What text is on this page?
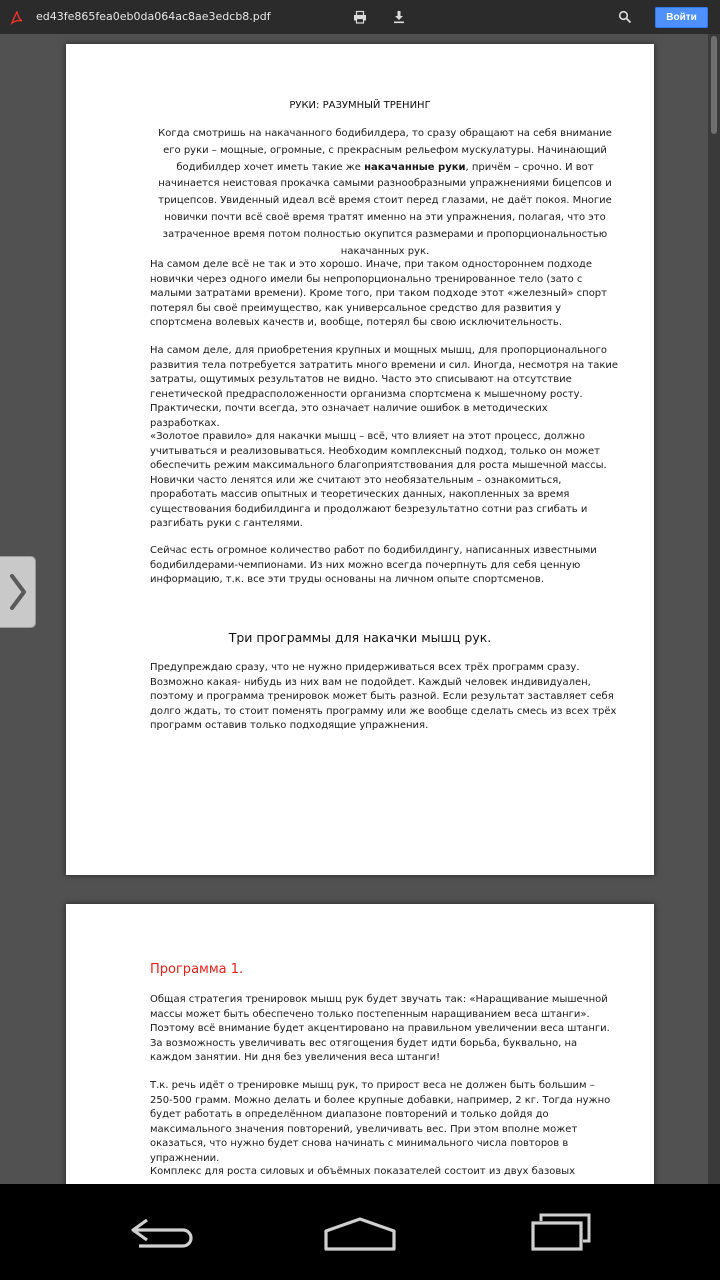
ed43fe865fea0eb0da064ac8ae3edcb8.pdf	Войти
РУКИ: РАЗУМНЫЙ ТРЕНИНГ
Когда смотришь на накачанного бодибилдера, то сразу обращают на себя внимание его руки – мощные, огромные, с прекрасным рельефом мускулатуры. Начинающий бодибилдер хочет иметь такие же накачанные руки, причём – срочно. И вот начинается неистовая прокачка самыми разнообразными упражнениями бицепсов и трицепсов. Увиденный идеал всё время стоит перед глазами, не даёт покоя. Многие новички почти всё своё время тратят именно на эти упражнения, полагая, что это затраченное время потом полностью окупится размерами и пропорциональностью накачанных рук.
На самом деле всё не так и это хорошо. Иначе, при таком одностороннем подходе новички через одного имели бы непропорционально тренированное тело (зато с малыми затратами времени). Кроме того, при таком подходе этот «железный» спорт потерял бы своё преимущество, как универсальное средство для развития у спортсмена волевых качеств и, вообще, потерял бы свою исключительность.
На самом деле, для приобретения крупных и мощных мышц, для пропорционального развития тела потребуется затратить много времени и сил. Иногда, несмотря на такие затраты, ощутимых результатов не видно. Часто это списывают на отсутствие генетической предрасположенности организма спортсмена к мышечному росту. Практически, почти всегда, это означает наличие ошибок в методических разработках.
«Золотое правило» для накачки мышц – всё, что влияет на этот процесс, должно учитываться и реализовываться. Необходим комплексный подход, только он может обеспечить режим максимального благоприятствования для роста мышечной массы. Новички часто ленятся или же считают это необязательным – ознакомиться, проработать массив опытных и теоретических данных, накопленных за время существования бодибилдинга и продолжают безрезультатно сотни раз сгибать и разгибать руки с гантелями.
Сейчас есть огромное количество работ по бодибилдингу, написанных известными бодибилдерами-чемпионами. Из них можно всегда почерпнуть для себя ценную информацию, т.к. все эти труды основаны на личном опыте спортсменов.
Три программы для накачки мышц рук.
Предупреждаю сразу, что не нужно придерживаться всех трёх программ сразу. Возможно какая- нибудь из них вам не подойдет. Каждый человек индивидуален, поэтому и программа тренировок может быть разной. Если результат заставляет себя долго ждать, то стоит поменять программу или же вообще сделать смесь из всех трёх программ оставив только подходящие упражнения.
Программа 1.
Общая стратегия тренировок мышц рук будет звучать так: «Наращивание мышечной массы может быть обеспечено только постепенным наращиванием веса штанги». Поэтому всё внимание будет акцентировано на правильном увеличении веса штанги. За возможность увеличивать вес отягощения будет идти борьба, буквально, на каждом занятии. Ни дня без увеличения веса штанги!
Т.к. речь идёт о тренировке мышц рук, то прирост веса не должен быть большим – 250-500 грамм. Можно делать и более крупные добавки, например, 2 кг. Тогда нужно будет работать в определённом диапазоне повторений и только дойдя до максимального значения повторений, увеличивать вес. При этом вполне может оказаться, что нужно будет снова начинать с минимального числа повторов в упражнении.
Комплекс для роста силовых и объёмных показателей состоит из двух базовых
